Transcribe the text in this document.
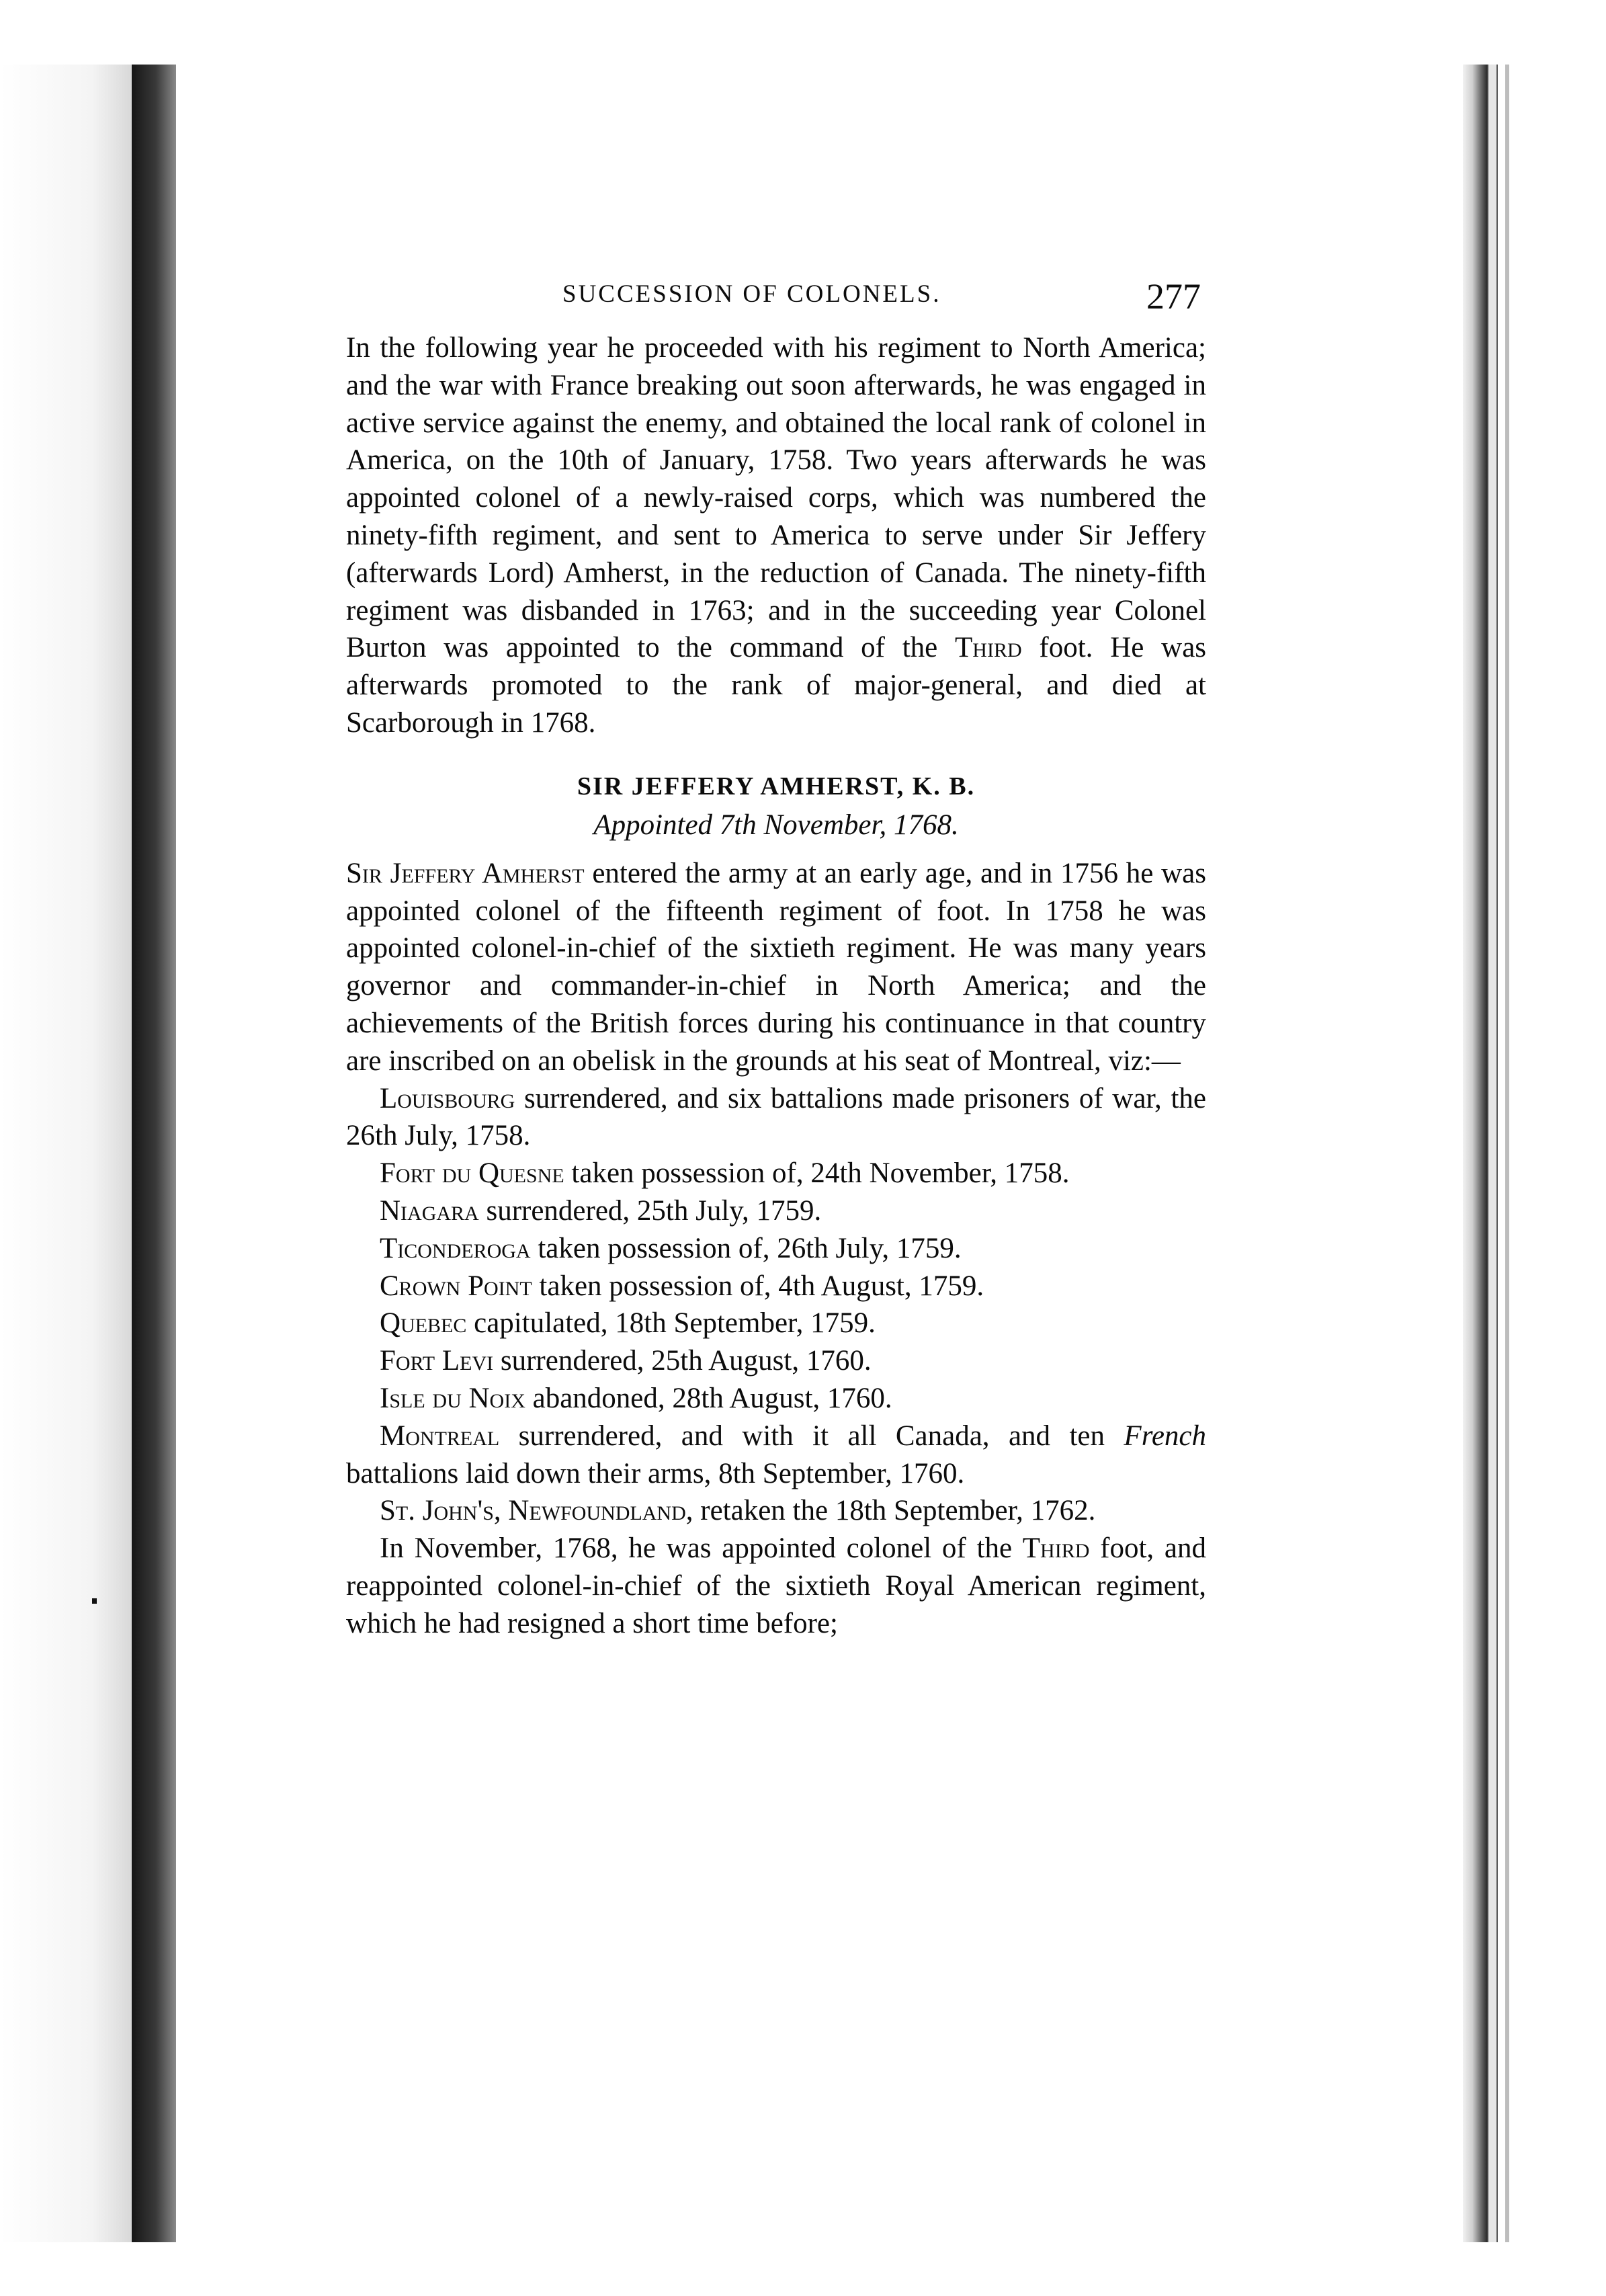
SUCCESSION OF COLONELS.	277

In the following year he proceeded with his regiment to North America; and the war with France breaking out soon afterwards, he was engaged in active service against the enemy, and obtained the local rank of colonel in America, on the 10th of January, 1758. Two years afterwards he was appointed colonel of a newly-raised corps, which was numbered the ninety-fifth regiment, and sent to America to serve under Sir Jeffery (afterwards Lord) Amherst, in the reduction of Canada. The ninety-fifth regiment was disbanded in 1763; and in the succeeding year Colonel Burton was appointed to the command of the Third foot. He was afterwards promoted to the rank of major-general, and died at Scarborough in 1768.

SIR JEFFERY AMHERST, K. B.
Appointed 7th November, 1768.

Sir Jeffery Amherst entered the army at an early age, and in 1756 he was appointed colonel of the fifteenth regiment of foot. In 1758 he was appointed colonel-in-chief of the sixtieth regiment. He was many years governor and commander-in-chief in North America; and the achievements of the British forces during his continuance in that country are inscribed on an obelisk in the grounds at his seat of Montreal, viz:—

Louisbourg surrendered, and six battalions made prisoners of war, the 26th July, 1758.

Fort du Quesne taken possession of, 24th November, 1758.

Niagara surrendered, 25th July, 1759.

Ticonderoga taken possession of, 26th July, 1759.

Crown Point taken possession of, 4th August, 1759.

Quebec capitulated, 18th September, 1759.

Fort Levi surrendered, 25th August, 1760.

Isle du Noix abandoned, 28th August, 1760.

Montreal surrendered, and with it all Canada, and ten French battalions laid down their arms, 8th September, 1760.

St. John's, Newfoundland, retaken the 18th September, 1762.

In November, 1768, he was appointed colonel of the Third foot, and reappointed colonel-in-chief of the sixtieth Royal American regiment, which he had resigned a short time before;
